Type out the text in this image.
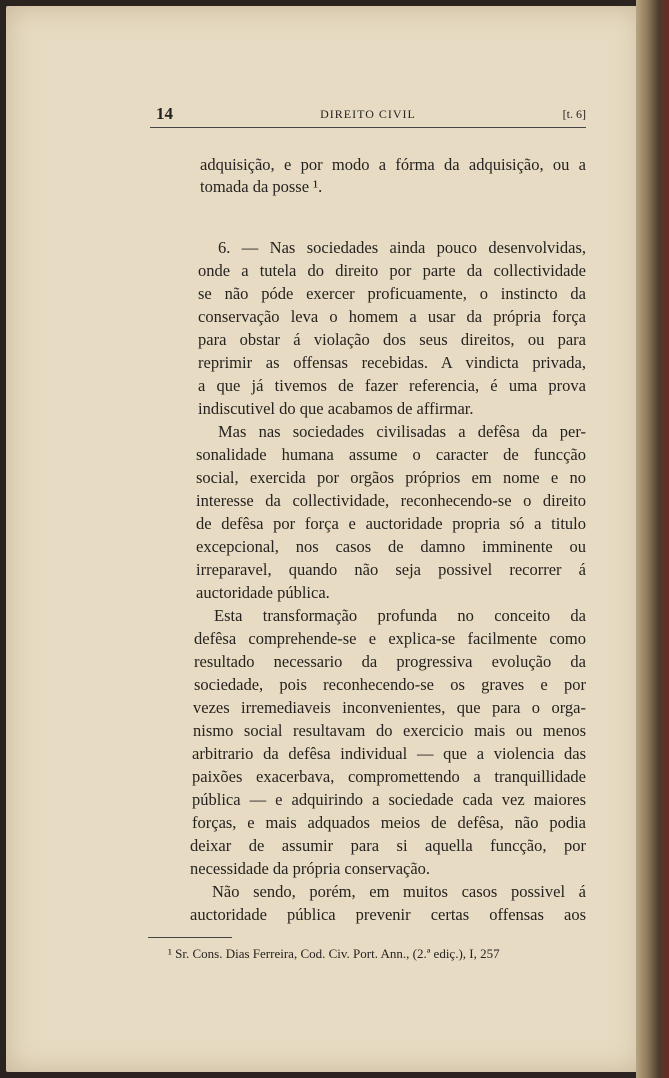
14	DIREITO CIVIL	[t. 6]
adquisição, e por modo a fórma da adquisição, ou a
tomada da posse ¹.
6. — Nas sociedades ainda pouco desenvolvidas,
onde a tutela do direito por parte da collectividade
se não póde exercer proficuamente, o instincto da
conservação leva o homem a usar da própria força
para obstar á violação dos seus direitos, ou para
reprimir as offensas recebidas. A vindicta privada,
a que já tivemos de fazer referencia, é uma prova
indiscutivel do que acabamos de affirmar.
Mas nas sociedades civilisadas a defêsa da per-
sonalidade humana assume o caracter de funcção
social, exercida por orgãos próprios em nome e no
interesse da collectividade, reconhecendo-se o direito
de defêsa por força e auctoridade propria só a titulo
excepcional, nos casos de damno imminente ou
irreparavel, quando não seja possivel recorrer á
auctoridade pública.
Esta transformação profunda no conceito da
defêsa comprehende-se e explica-se facilmente como
resultado necessario da progressiva evolução da
sociedade, pois reconhecendo-se os graves e por
vezes irremediaveis inconvenientes, que para o orga-
nismo social resultavam do exercicio mais ou menos
arbitrario da defêsa individual — que a violencia das
paixões exacerbava, compromettendo a tranquillidade
pública — e adquirindo a sociedade cada vez maiores
forças, e mais adquados meios de defêsa, não podia
deixar de assumir para si aquella funcção, por
necessidade da própria conservação.
Não sendo, porém, em muitos casos possivel á
auctoridade pública prevenir certas offensas aos
¹ Sr. Cons. Dias Ferreira, Cod. Civ. Port. Ann., (2.ª ediç.), I, 257
